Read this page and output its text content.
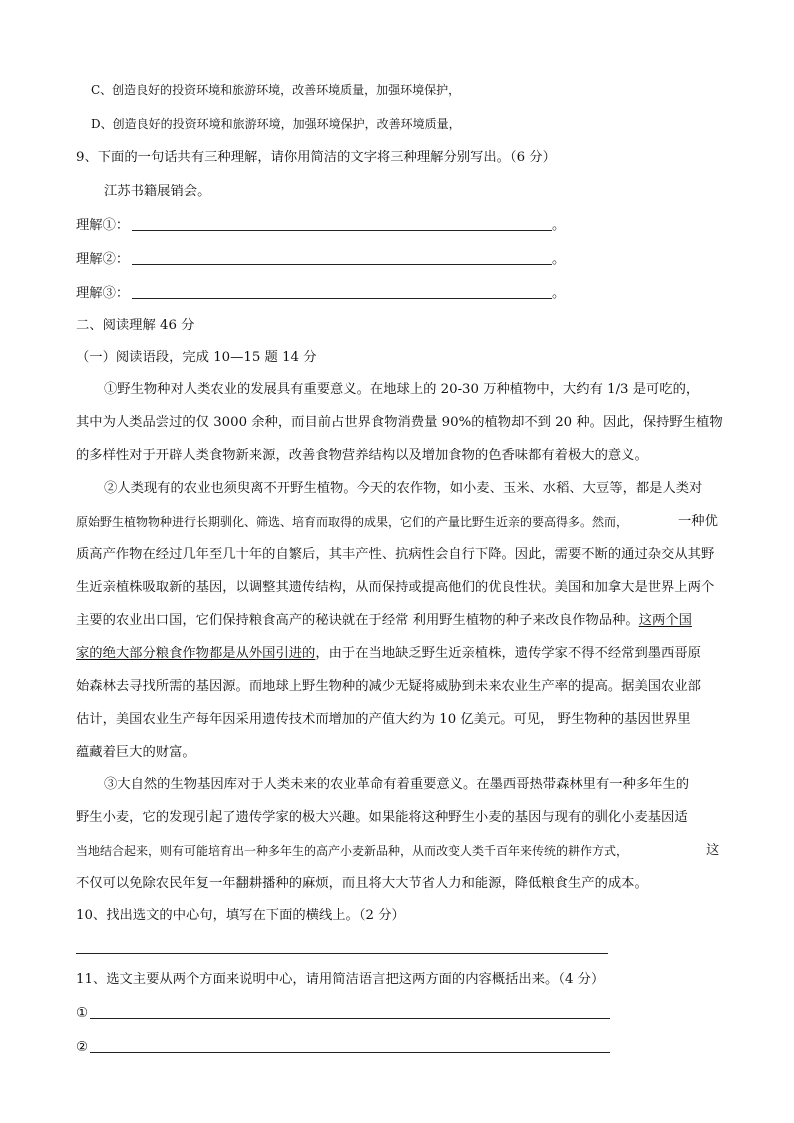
C、创造良好的投资环境和旅游环境，改善环境质量，加强环境保护，
D、创造良好的投资环境和旅游环境，加强环境保护，改善环境质量，
9、下面的一句话共有三种理解，请你用简洁的文字将三种理解分别写出。（6 分）
江苏书籍展销会。
理解①：	。
理解②：	。
理解③：	。
二、阅读理解 46 分
（一）阅读语段，完成 10—15 题 14 分
①野生物种对人类农业的发展具有重要意义。在地球上的 20-30 万种植物中，大约有 1/3 是可吃的，
其中为人类品尝过的仅 3000 余种，而目前占世界食物消费量 90%的植物却不到 20 种。因此，保持野生植物
的多样性对于开辟人类食物新来源，改善食物营养结构以及增加食物的色香味都有着极大的意义。
②人类现有的农业也须臾离不开野生植物。今天的农作物，如小麦、玉米、水稻、大豆等，都是人类对
原始野生植物物种进行长期驯化、筛选、培育而取得的成果，它们的产量比野生近亲的要高得多。然而，	一种优
质高产作物在经过几年至几十年的自繁后，其丰产性、抗病性会自行下降。因此，需要不断的通过杂交从其野
生近亲植株吸取新的基因，以调整其遗传结构，从而保持或提高他们的优良性状。美国和加拿大是世界上两个
主要的农业出口国，它们保持粮食高产的秘诀就在于经常 利用野生植物的种子来改良作物品种。这两个国
家的绝大部分粮食作物都是从外国引进的，由于在当地缺乏野生近亲植株，遗传学家不得不经常到墨西哥原
始森林去寻找所需的基因源。而地球上野生物种的减少无疑将威胁到未来农业生产率的提高。据美国农业部
估计，美国农业生产每年因采用遗传技术而增加的产值大约为 10 亿美元。可见， 野生物种的基因世界里
蕴藏着巨大的财富。
③大自然的生物基因库对于人类未来的农业革命有着重要意义。在墨西哥热带森林里有一种多年生的
野生小麦，它的发现引起了遗传学家的极大兴趣。如果能将这种野生小麦的基因与现有的驯化小麦基因适
当地结合起来，则有可能培育出一种多年生的高产小麦新品种，从而改变人类千百年来传统的耕作方式，	这
不仅可以免除农民年复一年翻耕播种的麻烦，而且将大大节省人力和能源，降低粮食生产的成本。
10、找出选文的中心句，填写在下面的横线上。（2 分）
11、选文主要从两个方面来说明中心，请用简洁语言把这两方面的内容概括出来。（4 分）
①
②
